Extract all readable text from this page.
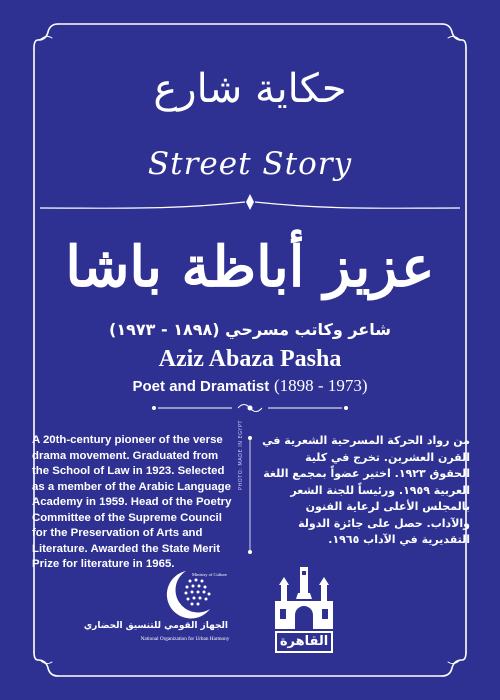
حكاية شارع
Street Story
عزيز أباظة باشا
شاعر وكاتب مسرحي (١٨٩٨ - ١٩٧٣)
Aziz Abaza Pasha
Poet and Dramatist (1898 - 1973)
A 20th-century pioneer of the verse drama movement. Graduated from the School of Law in 1923. Selected as a member of the Arabic Language Academy in 1959. Head of the Poetry Committee of the Supreme Council for the Preservation of Arts and Literature. Awarded the State Merit Prize for literature in 1965.
من رواد الحركة المسرحية الشعرية في القرن العشرين. تخرج في كلية الحقوق ١٩٢٣. اختير عضواً بمجمع اللغة العربية ١٩٥٩. ورئيساً للجنة الشعر بالمجلس الأعلى لرعاية الفنون والآداب. حصل على جائزة الدولة التقديرية في الآداب ١٩٦٥.
PHOTO: MADE IN EGYPT
Ministry of Culture
الجهاز القومي للتنسيق الحضاري
National Organization for Urban Harmony	القاهرة
